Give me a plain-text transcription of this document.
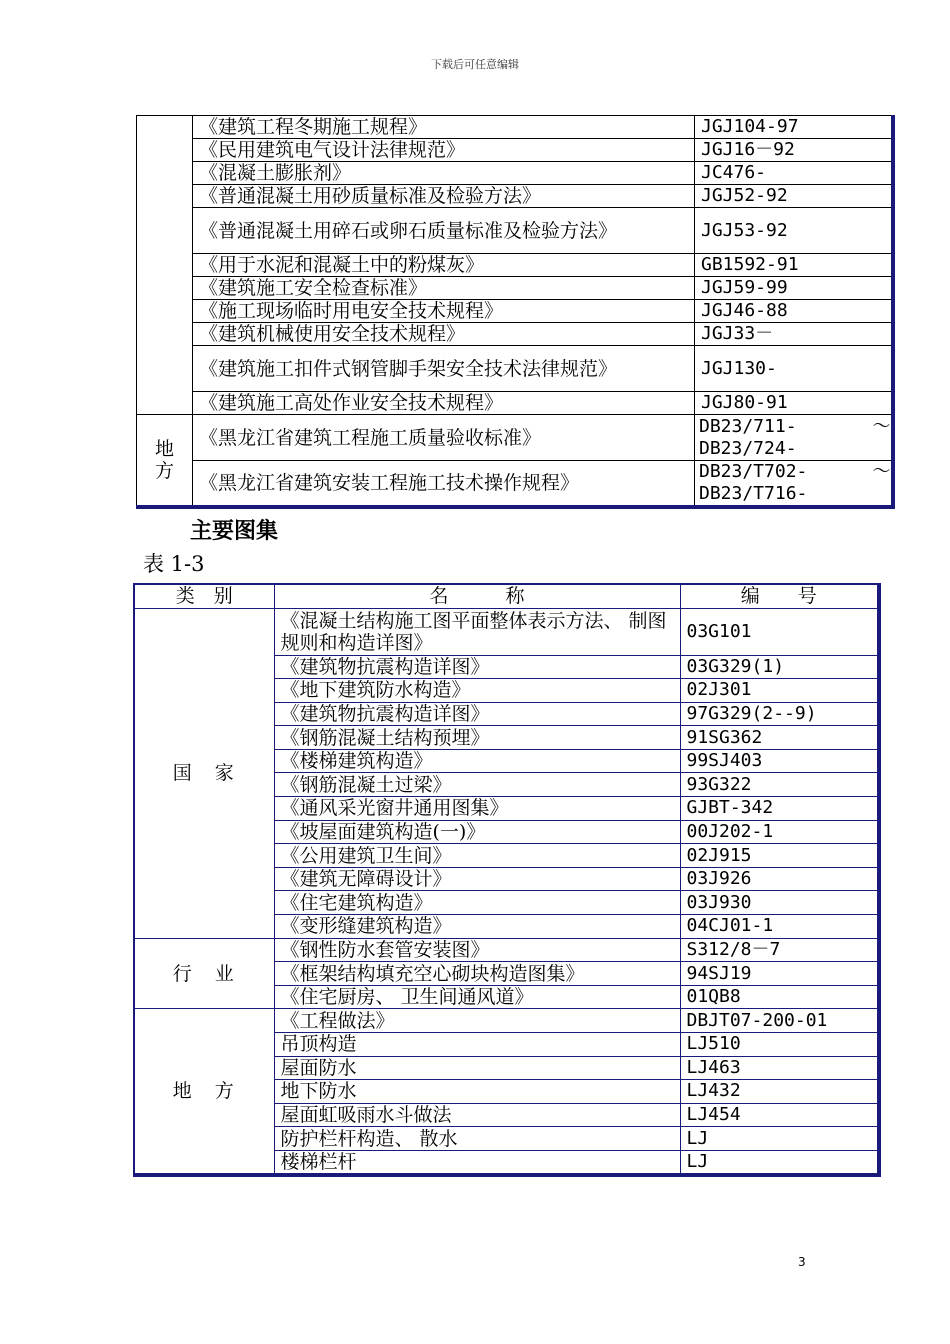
下载后可任意编辑
	《建筑工程冬期施工规程》	JGJ104-97
	《民用建筑电气设计法律规范》	JGJ16－92
	《混凝土膨胀剂》	JC476-
	《普通混凝土用砂质量标准及检验方法》	JGJ52-92
	《普通混凝土用碎石或卵石质量标准及检验方法》	JGJ53-92
	《用于水泥和混凝土中的粉煤灰》	GB1592-91
	《建筑施工安全检查标准》	JGJ59-99
	《施工现场临时用电安全技术规程》	JGJ46-88
	《建筑机械使用安全技术规程》	JGJ33－
	《建筑施工扣件式钢管脚手架安全技术法律规范》	JGJ130-
	《建筑施工高处作业安全技术规程》	JGJ80-91
地方	《黑龙江省建筑工程施工质量验收标准》	DB23/711- ～
DB23/724-

	《黑龙江省建筑安装工程施工技术操作规程》	DB23/T702- ～
DB23/T716-
主要图集
表 1-3
类　别	名　　　称	编　　号
国　家	《混凝土结构施工图平面整体表示方法、 制图规则和构造详图》	03G101
	《建筑物抗震构造详图》	03G329(1)
	《地下建筑防水构造》	02J301
	《建筑物抗震构造详图》	97G329(2--9)
	《钢筋混凝土结构预埋》	91SG362
	《楼梯建筑构造》	99SJ403
	《钢筋混凝土过梁》	93G322
	《通风采光窗井通用图集》	GJBT-342
	《坡屋面建筑构造(一)》	00J202-1
	《公用建筑卫生间》	02J915
	《建筑无障碍设计》	03J926
	《住宅建筑构造》	03J930
	《变形缝建筑构造》	04CJ01-1
行　业	《钢性防水套管安装图》	S312/8－7
	《框架结构填充空心砌块构造图集》	94SJ19
	《住宅厨房、 卫生间通风道》	01QB8
地　方	《工程做法》	DBJT07-200-01
	吊顶构造	LJ510
	屋面防水	LJ463
	地下防水	LJ432
	屋面虹吸雨水斗做法	LJ454
	防护栏杆构造、 散水	LJ
	楼梯栏杆	LJ
3
